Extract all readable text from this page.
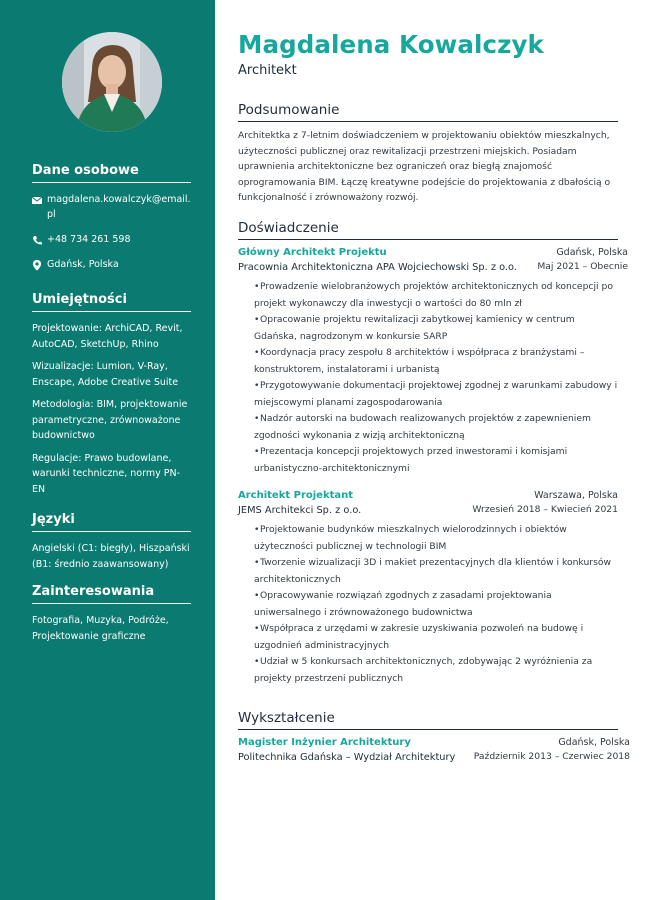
Dane osobowe
magdalena.kowalczyk@email.pl
+48 734 261 598
Gdańsk, Polska
Umiejętności

Projektowanie: ArchiCAD, Revit, AutoCAD, SketchUp, Rhino

Wizualizacje: Lumion, V-Ray, Enscape, Adobe Creative Suite

Metodologia: BIM, projektowanie parametryczne, zrównoważone budownictwo

Regulacje: Prawo budowlane, warunki techniczne, normy PN-EN

Języki

Angielski (C1: biegły), Hiszpański (B1: średnio zaawansowany)

Zainteresowania

Fotografia, Muzyka, Podróże, Projektowanie graficzne

Magdalena Kowalczyk
Architekt
Podsumowanie

Architektka z 7-letnim doświadczeniem w projektowaniu obiektów mieszkalnych, użyteczności publicznej oraz rewitalizacji przestrzeni miejskich. Posiadam uprawnienia architektoniczne bez ograniczeń oraz biegłą znajomość oprogramowania BIM. Łączę kreatywne podejście do projektowania z dbałością o funkcjonalność i zrównoważony rozwój.

Doświadczenie
Główny Architekt Projektu	Gdańsk, Polska
Pracownia Architektoniczna APA Wojciechowski Sp. z o.o. Maj 2021 – Obecnie
•Prowadzenie wielobranżowych projektów architektonicznych od koncepcji po projekt wykonawczy dla inwestycji o wartości do 80 mln zł
•Opracowanie projektu rewitalizacji zabytkowej kamienicy w centrum Gdańska, nagrodzonym w konkursie SARP
•Koordynacja pracy zespołu 8 architektów i współpraca z branżystami – konstruktorem, instalatorami i urbanistą
•Przygotowywanie dokumentacji projektowej zgodnej z warunkami zabudowy i miejscowymi planami zagospodarowania
•Nadzór autorski na budowach realizowanych projektów z zapewnieniem zgodności wykonania z wizją architektoniczną
•Prezentacja koncepcji projektowych przed inwestorami i komisjami urbanistyczno-architektonicznymi
Architekt Projektant	Warszawa, Polska
JEMS Architekci Sp. z o.o.	Wrzesień 2018 – Kwiecień 2021
•Projektowanie budynków mieszkalnych wielorodzinnych i obiektów użyteczności publicznej w technologii BIM
•Tworzenie wizualizacji 3D i makiet prezentacyjnych dla klientów i konkursów architektonicznych
•Opracowywanie rozwiązań zgodnych z zasadami projektowania uniwersalnego i zrównoważonego budownictwa
•Współpraca z urzędami w zakresie uzyskiwania pozwoleń na budowę i uzgodnień administracyjnych
•Udział w 5 konkursach architektonicznych, zdobywając 2 wyróżnienia za projekty przestrzeni publicznych
Wykształcenie
Magister Inżynier Architektury	Gdańsk, Polska
Politechnika Gdańska – Wydział Architektury Październik 2013 – Czerwiec 2018
